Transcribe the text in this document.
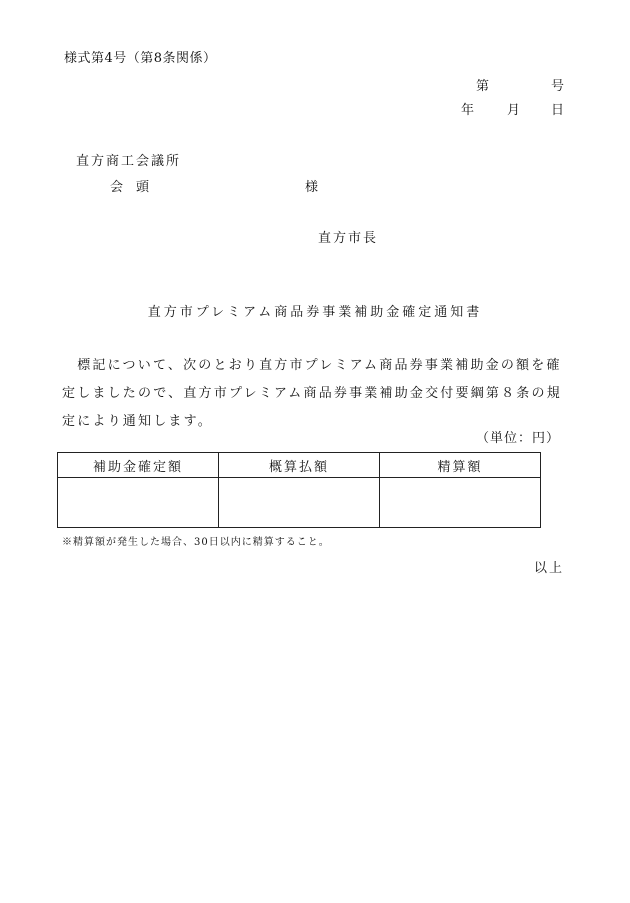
様式第4号（第8条関係）
第	号
年	月 日
直方商工会議所
会　頭	様
直方市長
直方市プレミアム商品券事業補助金確定通知書
　標記について、次のとおり直方市プレミアム商品券事業補助金の額を確定しましたので、直方市プレミアム商品券事業補助金交付要綱第８条の規定により通知します。
（単位：円）
補助金確定額	概算払額	精算額

※精算額が発生した場合、30日以内に精算すること。
以上
